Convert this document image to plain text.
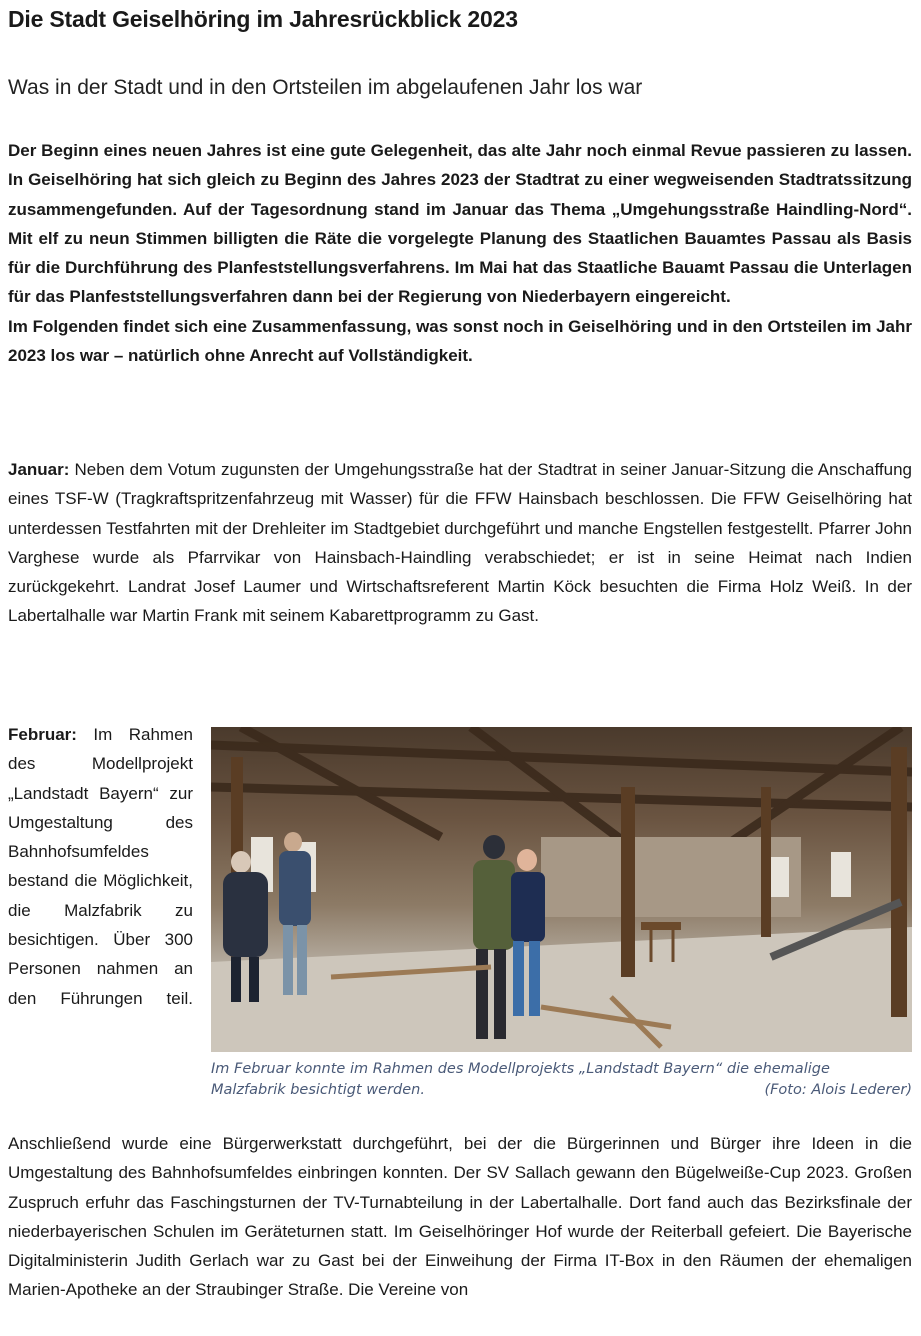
Die Stadt Geiselhöring im Jahresrückblick 2023
Was in der Stadt und in den Ortsteilen im abgelaufenen Jahr los war

Der Beginn eines neuen Jahres ist eine gute Gelegenheit, das alte Jahr noch einmal Revue passieren zu lassen. In Geiselhöring hat sich gleich zu Beginn des Jahres 2023 der Stadtrat zu einer wegweisenden Stadtratssitzung zusammengefunden. Auf der Tagesordnung stand im Januar das Thema „Umgehungsstraße Haindling-Nord“. Mit elf zu neun Stimmen billigten die Räte die vorgelegte Planung des Staatlichen Bauamtes Passau als Basis für die Durchführung des Planfeststellungsverfahrens. Im Mai hat das Staatliche Bauamt Passau die Unterlagen für das Planfeststellungsverfahren dann bei der Regierung von Niederbayern eingereicht.

Im Folgenden findet sich eine Zusammenfassung, was sonst noch in Geiselhöring und in den Ortsteilen im Jahr 2023 los war – natürlich ohne Anrecht auf Vollständigkeit.

Januar: Neben dem Votum zugunsten der Umgehungsstraße hat der Stadtrat in seiner Januar-Sitzung die Anschaffung eines TSF-W (Tragkraftspritzenfahrzeug mit Wasser) für die FFW Hainsbach beschlossen. Die FFW Geiselhöring hat unterdessen Testfahrten mit der Drehleiter im Stadtgebiet durchgeführt und manche Engstellen festgestellt. Pfarrer John Varghese wurde als Pfarrvikar von Hainsbach-Haindling verabschiedet; er ist in seine Heimat nach Indien zurückgekehrt. Landrat Josef Laumer und Wirtschaftsreferent Martin Köck besuchten die Firma Holz Weiß. In der Labertalhalle war Martin Frank mit seinem Kabarettprogramm zu Gast.

Februar: Im Rahmen des Modellprojekt „Landstadt Bayern“ zur Umgestaltung des Bahnhofsumfeldes bestand die Möglichkeit, die Malzfabrik zu besichtigen. Über 300 Personen nahmen an den Führungen teil.

Im Februar konnte im Rahmen des Modellprojekts „Landstadt Bayern“ die ehemalige
Malzfabrik besichtigt werden.	(Foto: Alois Lederer)

Anschließend wurde eine Bürgerwerkstatt durchgeführt, bei der die Bürgerinnen und Bürger ihre Ideen in die Umgestaltung des Bahnhofsumfeldes einbringen konnten. Der SV Sallach gewann den Bügelweiße-Cup 2023. Großen Zuspruch erfuhr das Faschingsturnen der TV-Turnabteilung in der Labertalhalle. Dort fand auch das Bezirksfinale der niederbayerischen Schulen im Geräteturnen statt. Im Geiselhöringer Hof wurde der Reiterball gefeiert. Die Bayerische Digitalministerin Judith Gerlach war zu Gast bei der Einweihung der Firma IT-Box in den Räumen der ehemaligen Marien-Apotheke an der Straubinger Straße. Die Vereine von
